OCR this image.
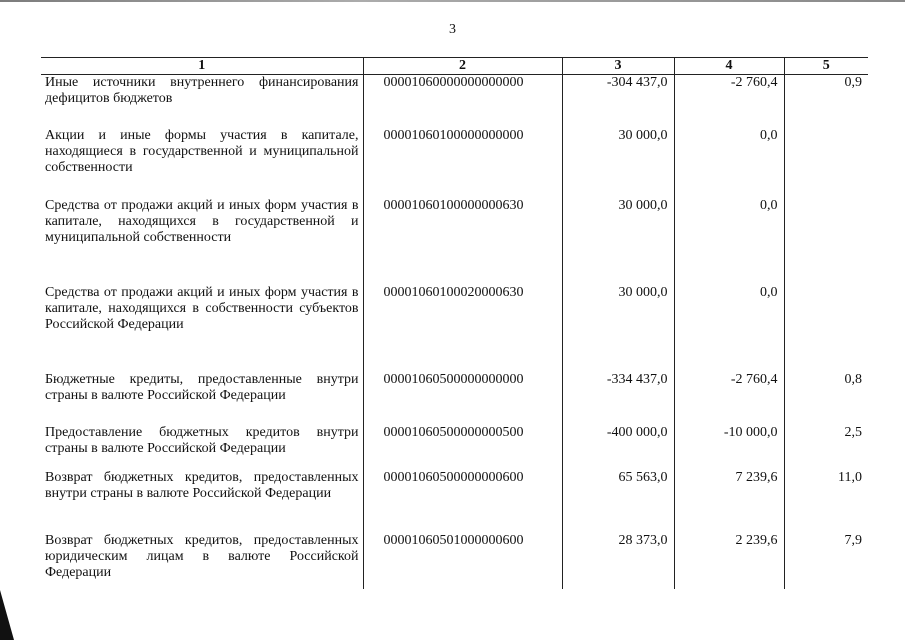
3
1	2	3	4	5
Иные источники внутреннего финансирования дефицитов бюджетов	00001060000000000000	-304 437,0	-2 760,4	0,9
Акции и иные формы участия в капитале, находящиеся в государственной и муниципальной собственности	00001060100000000000	30 000,0	0,0	
Средства от продажи акций и иных форм участия в капитале, находящихся в государственной и муниципальной собственности	00001060100000000630	30 000,0	0,0	
Средства от продажи акций и иных форм участия в капитале, находящихся в собственности субъектов Российской Федерации	00001060100020000630	30 000,0	0,0	
Бюджетные кредиты, предоставленные внутри страны в валюте Российской Федерации	00001060500000000000	-334 437,0	-2 760,4	0,8
Предоставление бюджетных кредитов внутри страны в валюте Российской Федерации	00001060500000000500	-400 000,0	-10 000,0	2,5
Возврат бюджетных кредитов, предоставленных внутри страны в валюте Российской Федерации	00001060500000000600	65 563,0	7 239,6	11,0
Возврат бюджетных кредитов, предоставленных юридическим лицам в валюте Российской Федерации	00001060501000000600	28 373,0	2 239,6	7,9
